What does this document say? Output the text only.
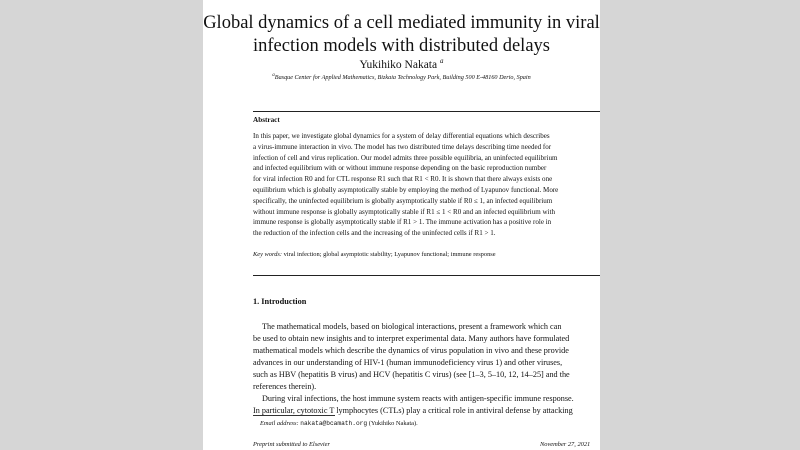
Global dynamics of a cell mediated immunity in viral
infection models with distributed delays
Yukihiko Nakata $^a$
$^a$Basque Center for Applied Mathematics, Bizkaia Technology Park, Building 500 E-48160 Derio, Spain
Abstract
In this paper, we investigate global dynamics for a system of delay differential equations which describes
a virus-immune interaction in vivo. The model has two distributed time delays describing time needed for
infection of cell and virus replication. Our model admits three possible equilibria, an uninfected equilibrium
and infected equilibrium with or without immune response depending on the basic reproduction number
for viral infection R0 and for CTL response R1 such that R1 < R0. It is shown that there always exists one
equilibrium which is globally asymptotically stable by employing the method of Lyapunov functional. More
specifically, the uninfected equilibrium is globally asymptotically stable if R0 ≤ 1, an infected equilibrium
without immune response is globally asymptotically stable if R1 ≤ 1 < R0 and an infected equilibrium with
immune response is globally asymptotically stable if R1 > 1. The immune activation has a positive role in
the reduction of the infection cells and the increasing of the uninfected cells if R1 > 1.
Key words: viral infection; global asymptotic stability; Lyapunov functional; immune response
1. Introduction
The mathematical models, based on biological interactions, present a framework which can
be used to obtain new insights and to interpret experimental data. Many authors have formulated
mathematical models which describe the dynamics of virus population in vivo and these provide
advances in our understanding of HIV-1 (human immunodeficiency virus 1) and other viruses,
such as HBV (hepatitis B virus) and HCV (hepatitis C virus) (see [1–3, 5–10, 12, 14–25] and the
references therein).
During viral infections, the host immune system reacts with antigen-specific immune response.
In particular, cytotoxic T lymphocytes (CTLs) play a critical role in antiviral defense by attacking
Email address: nakata@bcamath.org (Yukihiko Nakata).
Preprint submitted to Elsevier	November 27, 2021
